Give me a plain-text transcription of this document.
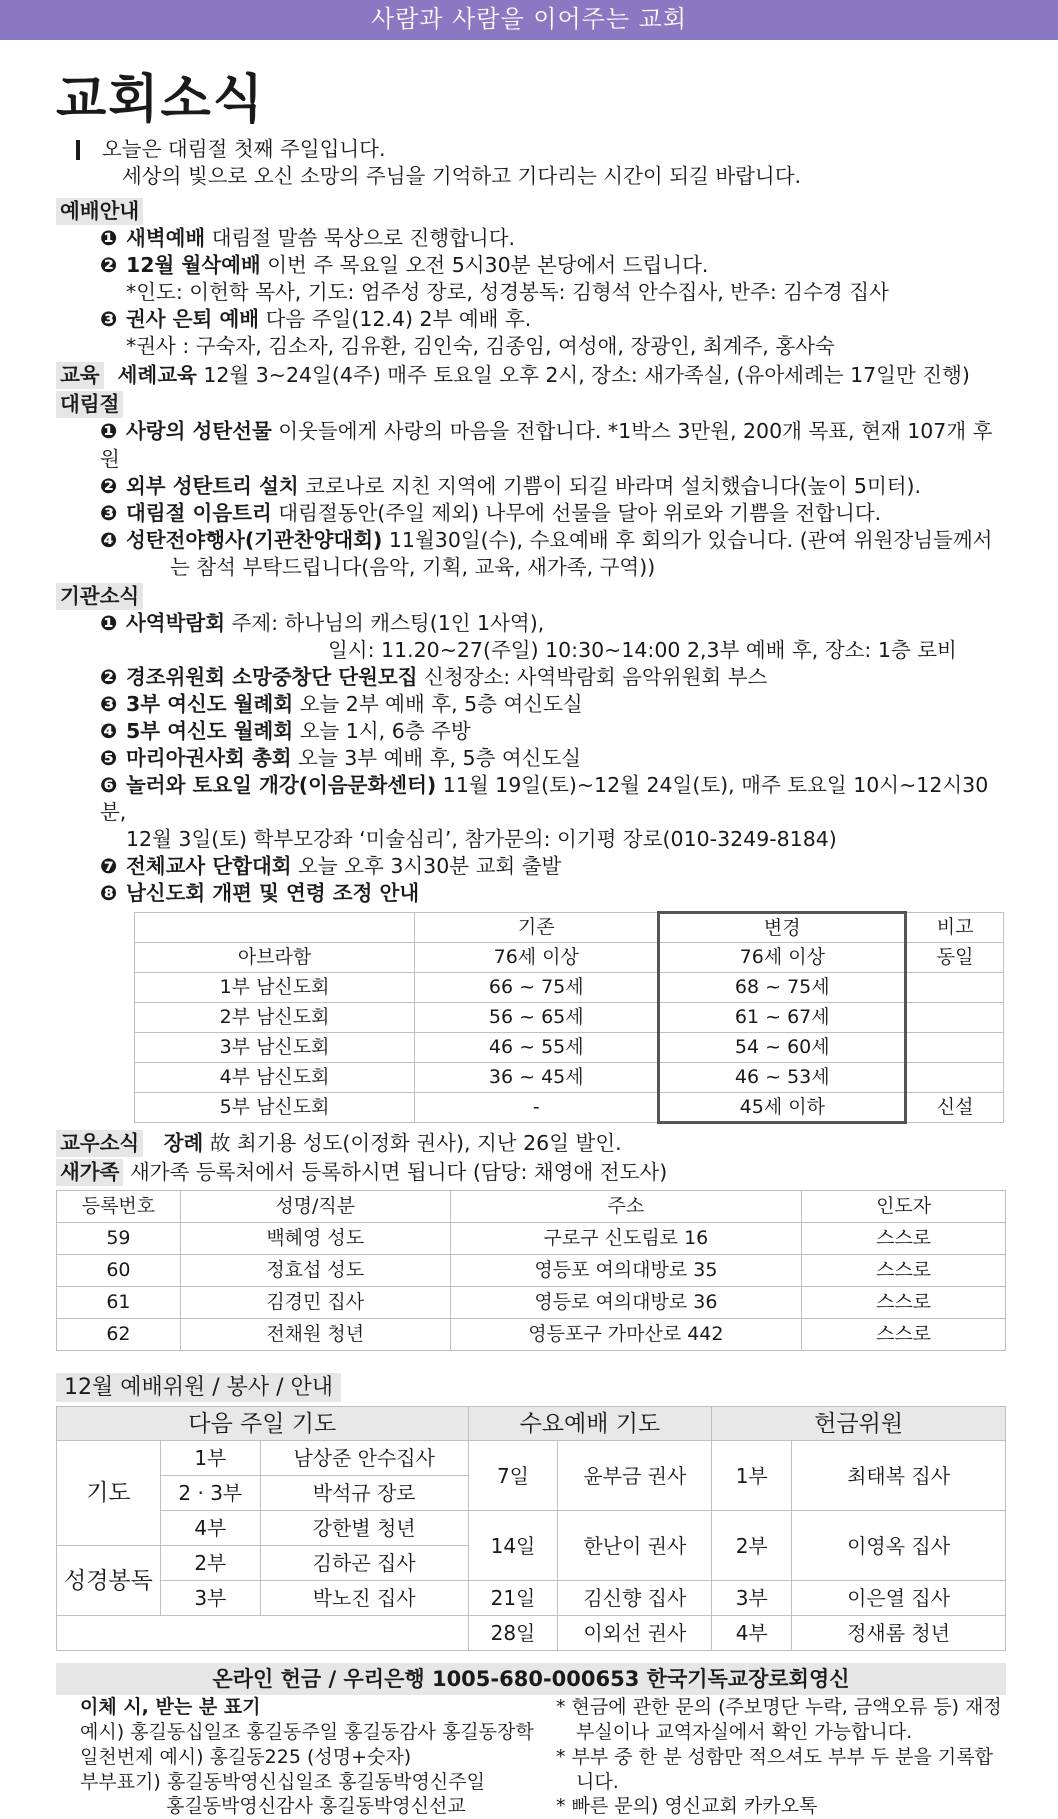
사람과 사람을 이어주는 교회
교회소식
오늘은 대림절 첫째 주일입니다.
세상의 빛으로 오신 소망의 주님을 기억하고 기다리는 시간이 되길 바랍니다.
예배안내
❶ 새벽예배 대림절 말씀 묵상으로 진행합니다.
❷ 12월 월삭예배 이번 주 목요일 오전 5시30분 본당에서 드립니다.
*인도: 이헌학 목사, 기도: 엄주성 장로, 성경봉독: 김형석 안수집사, 반주: 김수경 집사
❸ 권사 은퇴 예배 다음 주일(12.4) 2부 예배 후.
*권사 : 구숙자, 김소자, 김유환, 김인숙, 김종임, 여성애, 장광인, 최계주, 홍사숙
교육 세례교육 12월 3~24일(4주) 매주 토요일 오후 2시, 장소: 새가족실, (유아세례는 17일만 진행)
대림절
❶ 사랑의 성탄선물 이웃들에게 사랑의 마음을 전합니다. *1박스 3만원, 200개 목표, 현재 107개 후원
❷ 외부 성탄트리 설치 코로나로 지친 지역에 기쁨이 되길 바라며 설치했습니다(높이 5미터).
❸ 대림절 이음트리 대림절동안(주일 제외) 나무에 선물을 달아 위로와 기쁨을 전합니다.
❹ 성탄전야행사(기관찬양대회) 11월30일(수), 수요예배 후 회의가 있습니다. (관여 위원장님들께서
는 참석 부탁드립니다(음악, 기획, 교육, 새가족, 구역))
기관소식
❶ 사역박람회 주제: 하나님의 캐스팅(1인 1사역),
일시: 11.20~27(주일) 10:30~14:00 2,3부 예배 후, 장소: 1층 로비
❷ 경조위원회 소망중창단 단원모집 신청장소: 사역박람회 음악위원회 부스
❸ 3부 여신도 월례회 오늘 2부 예배 후, 5층 여신도실
❹ 5부 여신도 월례회 오늘 1시, 6층 주방
❺ 마리아권사회 총회 오늘 3부 예배 후, 5층 여신도실
❻ 놀러와 토요일 개강(이음문화센터) 11월 19일(토)~12월 24일(토), 매주 토요일 10시~12시30분,
12월 3일(토) 학부모강좌 ‘미술심리’, 참가문의: 이기평 장로(010-3249-8184)
❼ 전체교사 단합대회 오늘 오후 3시30분 교회 출발
❽ 남신도회 개편 및 연령 조정 안내
	기존	변경	비고
아브라함	76세 이상	76세 이상	동일
1부 남신도회	66 ~ 75세	68 ~ 75세	
2부 남신도회	56 ~ 65세	61 ~ 67세	
3부 남신도회	46 ~ 55세	54 ~ 60세	
4부 남신도회	36 ~ 45세	46 ~ 53세	
5부 남신도회	-	45세 이하	신설
교우소식 장례 故 최기용 성도(이정화 권사), 지난 26일 발인.
새가족 새가족 등록처에서 등록하시면 됩니다 (담당: 채영애 전도사)
등록번호	성명/직분	주소	인도자
59	백혜영 성도	구로구 신도림로 16	스스로
60	정효섭 성도	영등포 여의대방로 35	스스로
61	김경민 집사	영등로 여의대방로 36	스스로
62	전채원 청년	영등포구 가마산로 442	스스로
12월 예배위원 / 봉사 / 안내
다음 주일 기도			수요예배 기도		헌금위원	
기도	1부	남상준 안수집사	7일	윤부금 권사	1부	최태복 집사
	2 · 3부	박석규 장로				
	4부	강한별 청년	14일	한난이 권사	2부	이영옥 집사
성경봉독	2부	김하곤 집사				
	3부	박노진 집사	21일	김신향 집사	3부	이은열 집사
			28일	이외선 권사	4부	정새롬 청년
온라인 헌금 / 우리은행 1005-680-000653 한국기독교장로회영신
이체 시, 받는 분 표기
예시) 홍길동십일조 홍길동주일 홍길동감사 홍길동장학
일천번제 예시) 홍길동225 (성명+숫자)
부부표기) 홍길동박영신십일조 홍길동박영신주일
홍길동박영신감사 홍길동박영신선교
* 현금에 관한 문의 (주보명단 누락, 금액오류 등) 재정부실이나 교역자실에서 확인 가능합니다.
* 부부 중 한 분 성함만 적으셔도 부부 두 분을 기록합니다.
* 빠른 문의) 영신교회 카카오톡
